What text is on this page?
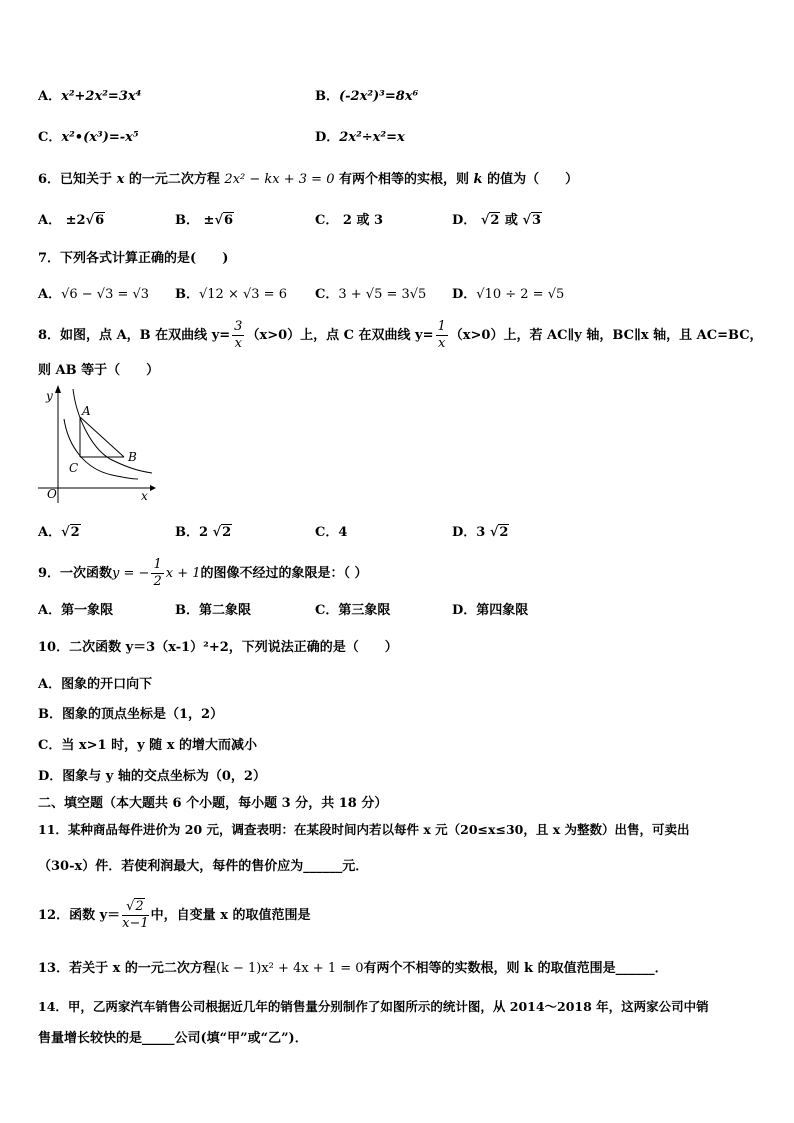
A．x²+2x²=3x⁴	B．(-2x²)³=8x⁶
C．x²•(x³)=-x⁵	D．2x²÷x²=x
6．已知关于 x 的一元二次方程 2x² − kx + 3 = 0 有两个相等的实根，则 k 的值为（　　）
A． ±2√6	B． ±√6	C． 2 或 3	D． √2 或 √3
7．下列各式计算正确的是(　　)
A．√6 − √3 = √3 B．√12 × √3 = 6 C．3 + √5 = 3√5 D．√10 ÷ 2 = √5
8．如图，点 A，B 在双曲线 $y= \frac{3}{x} (x>0)$上，点 C 在双曲线 $y= \frac{1}{x} (x>0)$上，若 AC∥y 轴，BC∥x 轴，且 AC=BC，
则 AB 等于（　　）
y
x
O
A
B
C
A．√2	B．2 √2	C．4	D．3 √2
9．一次函数y = − $\frac{1}{2}$ x + 1的图像不经过的象限是：（ ）
A．第一象限	B．第二象限	C．第三象限	D．第四象限
10．二次函数 y＝3（x-1）²+2，下列说法正确的是（　　）
A．图象的开口向下
B．图象的顶点坐标是（1，2）
C．当 x>1 时，y 随 x 的增大而减小
D．图象与 y 轴的交点坐标为（0，2）
二、填空题（本大题共 6 个小题，每小题 3 分，共 18 分）
11．某种商品每件进价为 20 元，调查表明：在某段时间内若以每件 x 元（20≤x≤30，且 x 为整数）出售，可卖出
（30-x）件．若使利润最大，每件的售价应为______元．
12．函数 $y= \frac{√2}{x-1}$ 中，自变量 x 的取值范围是
13．若关于 x 的一元二次方程(k − 1)x² + 4x + 1 = 0有两个不相等的实数根，则 k 的取值范围是______．
14．甲，乙两家汽车销售公司根据近几年的销售量分别制作了如图所示的统计图，从 2014～2018 年，这两家公司中销
售量增长较快的是_____公司(填“甲”或“乙”)．
